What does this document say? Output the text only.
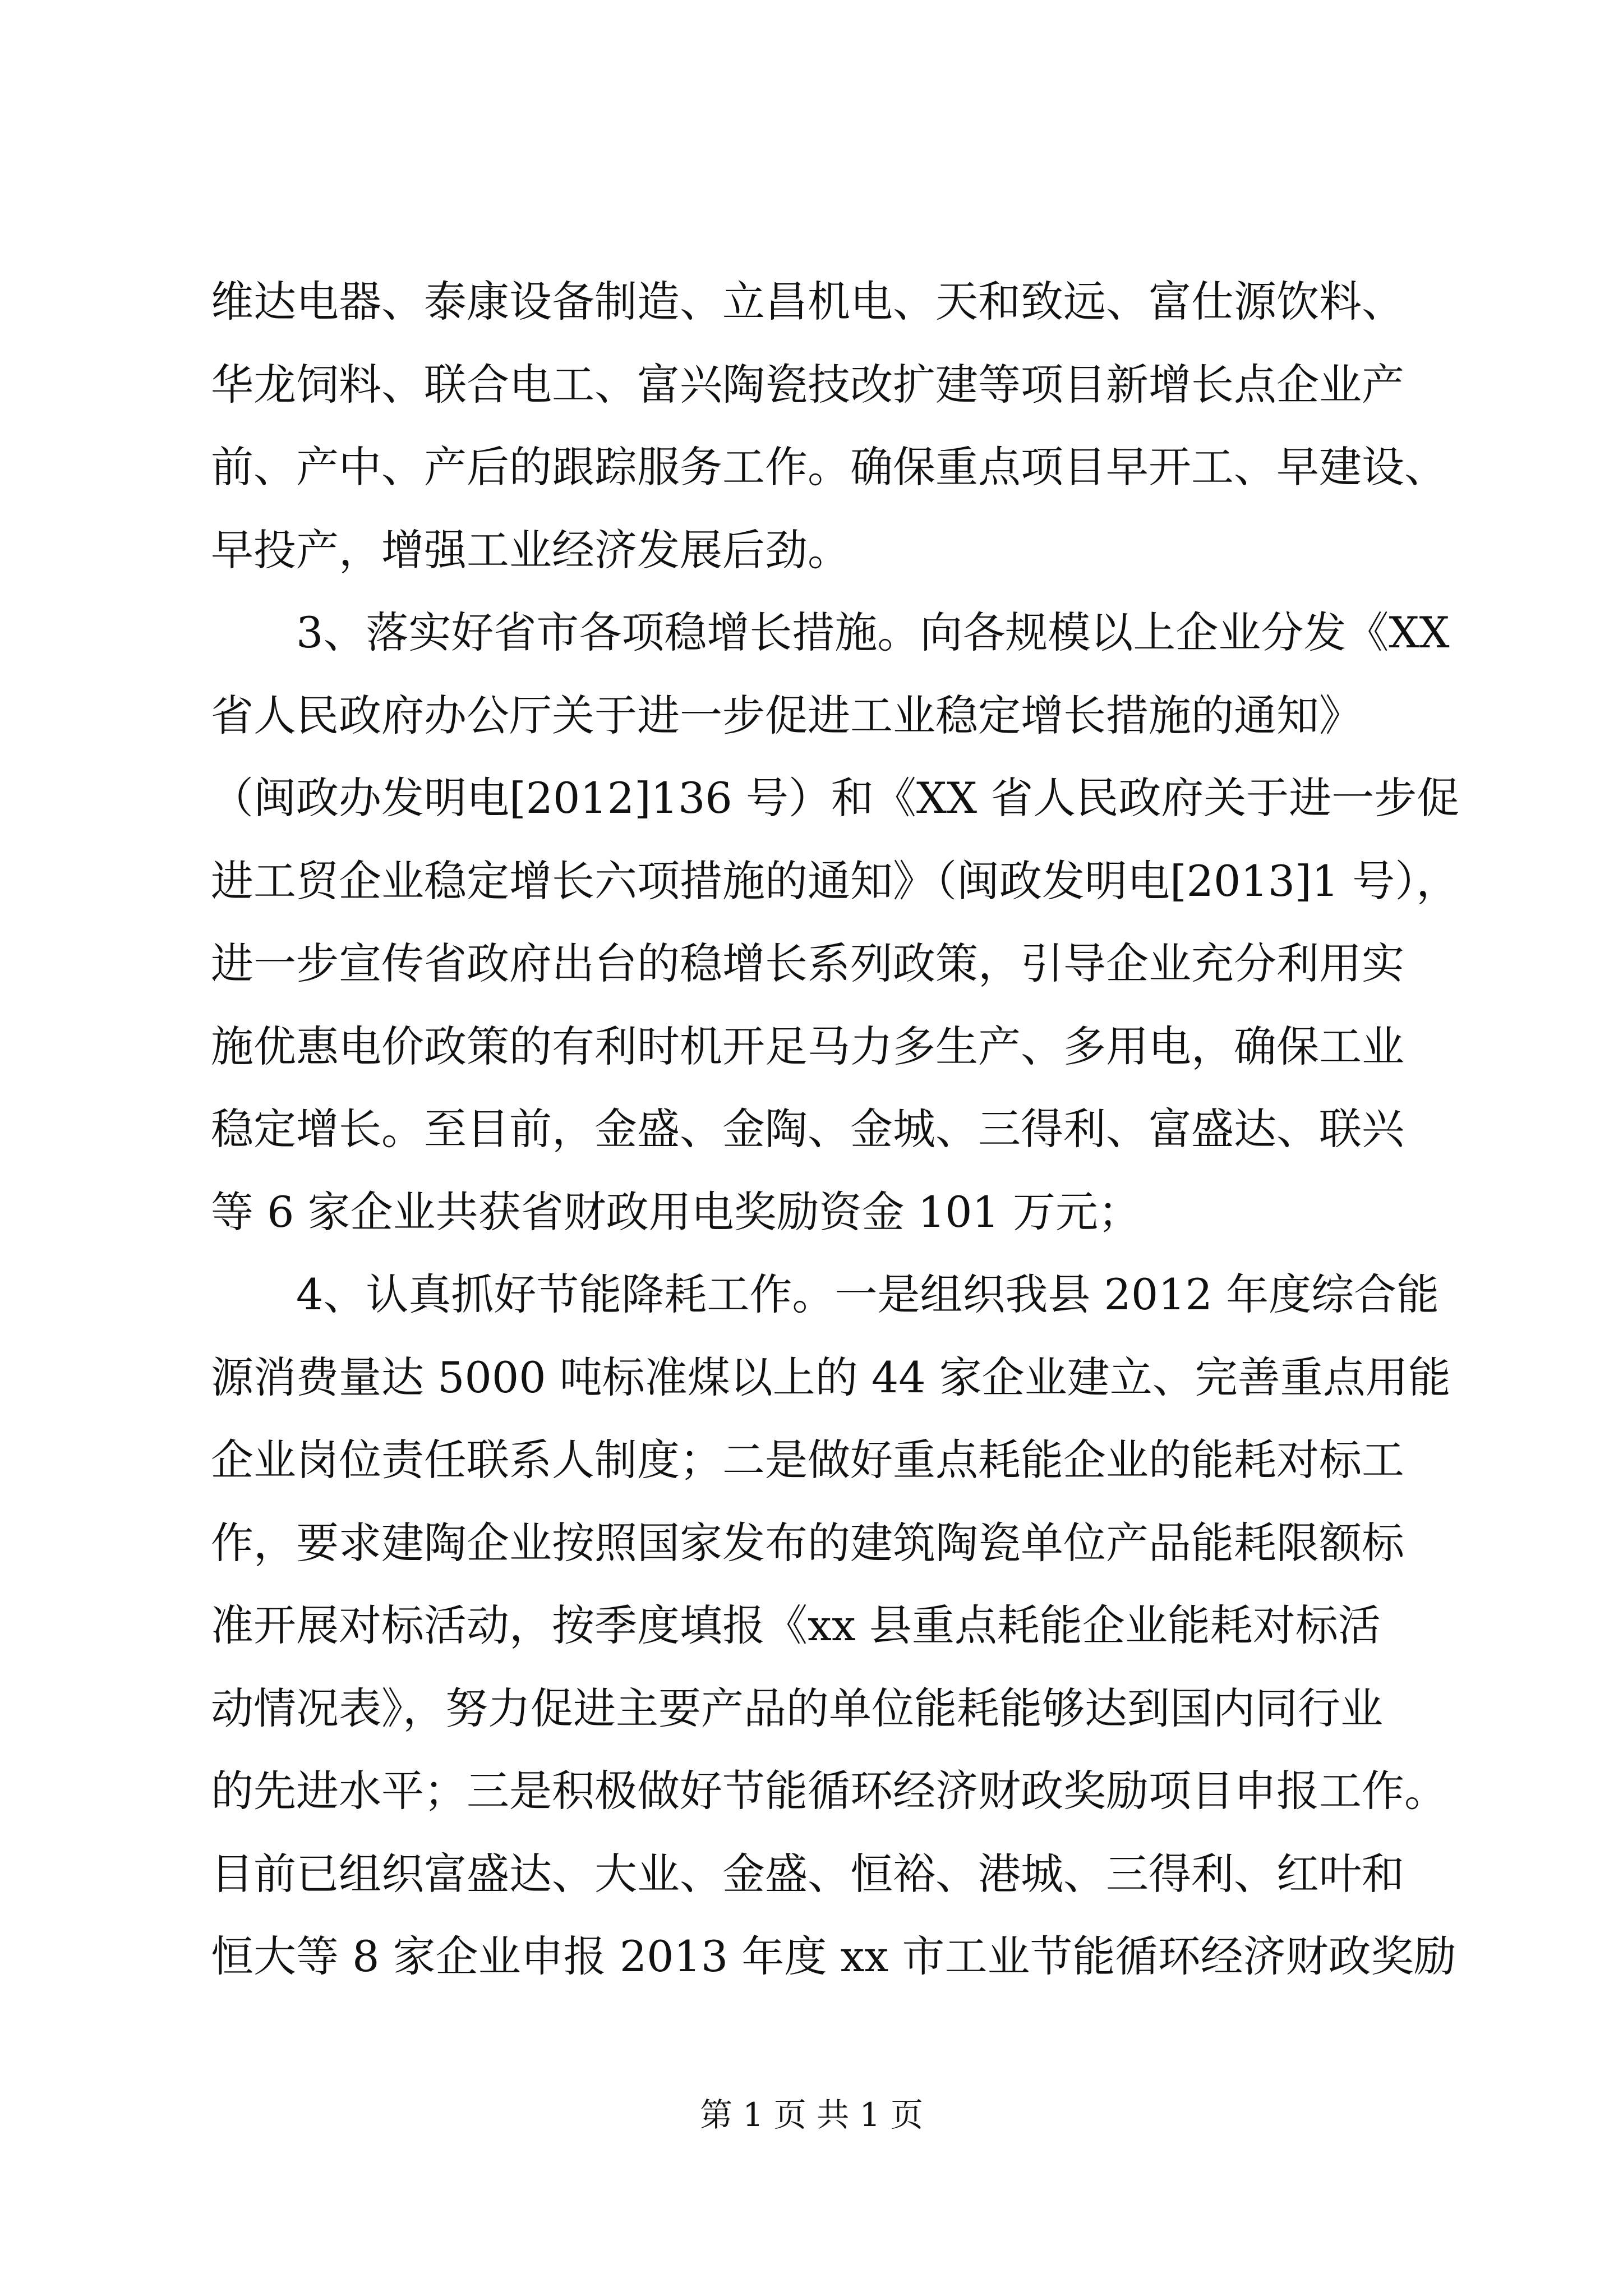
维达电器、泰康设备制造、立昌机电、天和致远、富仕源饮料、
华龙饲料、联合电工、富兴陶瓷技改扩建等项目新增长点企业产
前、产中、产后的跟踪服务工作。确保重点项目早开工、早建设、
早投产，增强工业经济发展后劲。
3、落实好省市各项稳增长措施。向各规模以上企业分发《XX
省人民政府办公厅关于进一步促进工业稳定增长措施的通知》
（闽政办发明电[2012]136 号）和《XX 省人民政府关于进一步促
进工贸企业稳定增长六项措施的通知》（闽政发明电[2013]1 号），
进一步宣传省政府出台的稳增长系列政策，引导企业充分利用实
施优惠电价政策的有利时机开足马力多生产、多用电，确保工业
稳定增长。至目前，金盛、金陶、金城、三得利、富盛达、联兴
等 6 家企业共获省财政用电奖励资金 101 万元；
4、认真抓好节能降耗工作。一是组织我县 2012 年度综合能
源消费量达 5000 吨标准煤以上的 44 家企业建立、完善重点用能
企业岗位责任联系人制度；二是做好重点耗能企业的能耗对标工
作，要求建陶企业按照国家发布的建筑陶瓷单位产品能耗限额标
准开展对标活动，按季度填报《xx 县重点耗能企业能耗对标活
动情况表》，努力促进主要产品的单位能耗能够达到国内同行业
的先进水平；三是积极做好节能循环经济财政奖励项目申报工作。
目前已组织富盛达、大业、金盛、恒裕、港城、三得利、红叶和
恒大等 8 家企业申报 2013 年度 xx 市工业节能循环经济财政奖励
第 1 页 共 1 页
